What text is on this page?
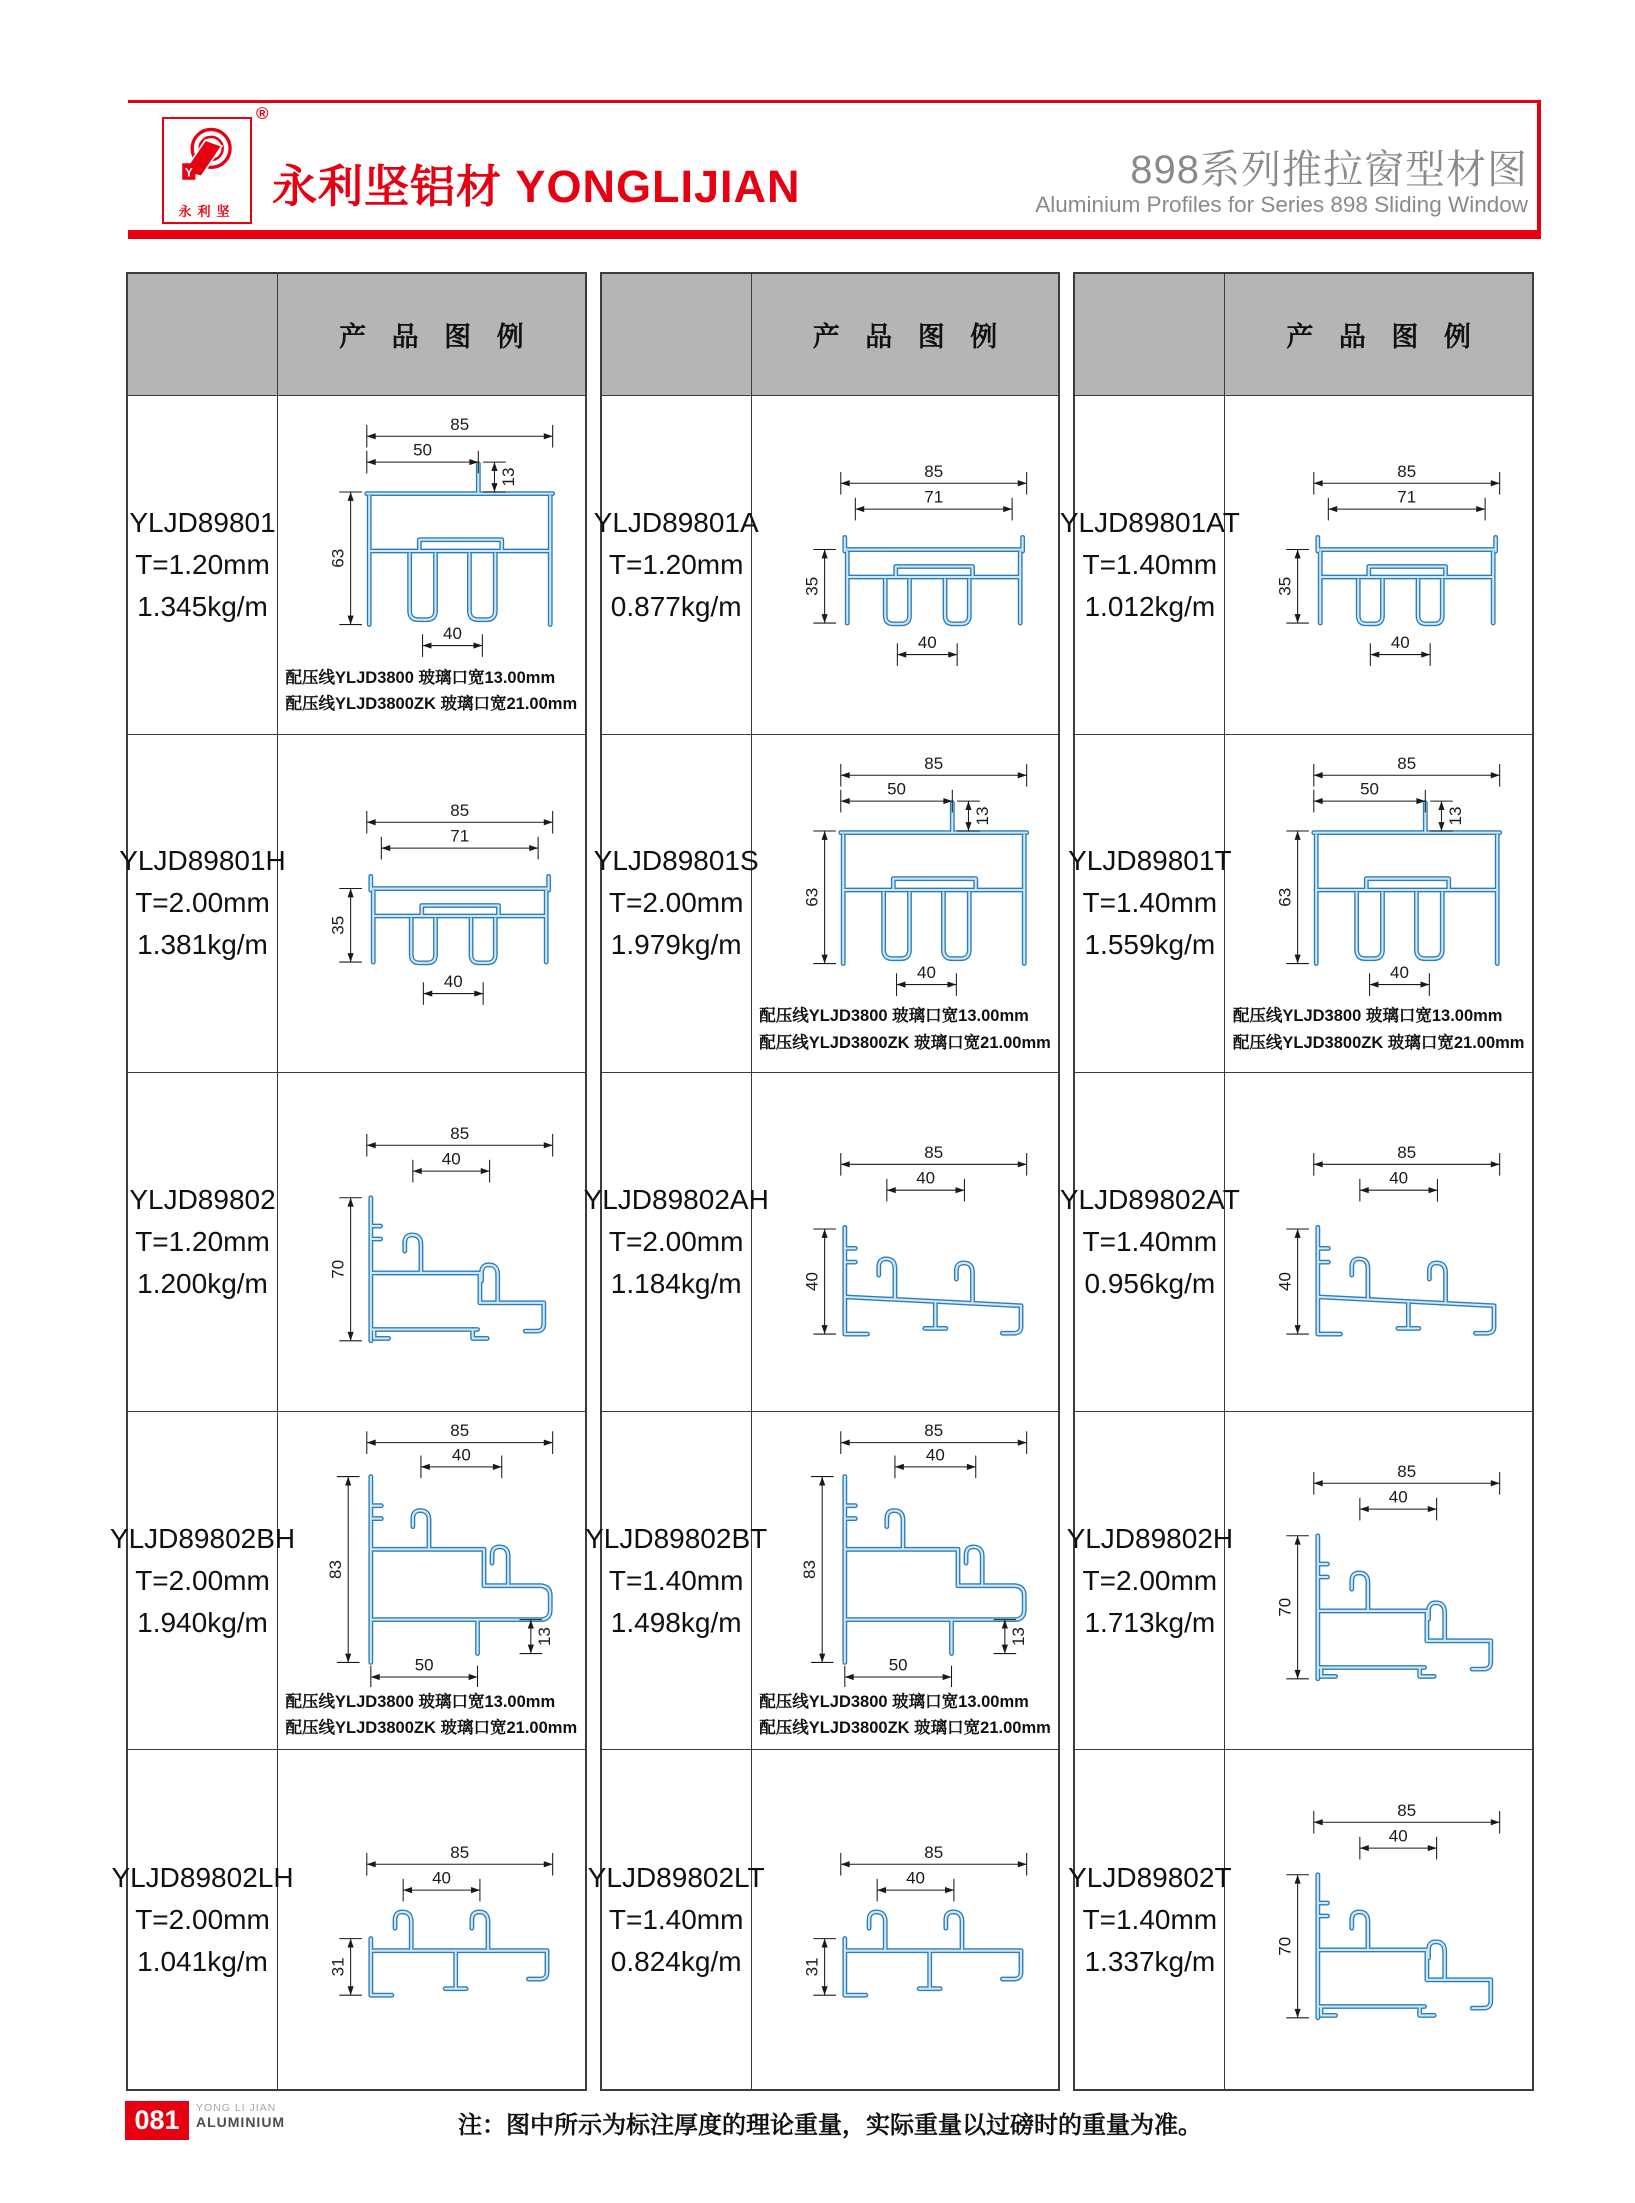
Y
永利坚
®
永利坚铝材 YONGLIJIAN	898系列推拉窗型材图
Aluminium Profiles for Series 898 Sliding Window
产 品 图 例
YLJD89801
T=1.20mm
1.345kg/m
85
50
13
63
40
配压线YLJD3800 玻璃口宽13.00mm
配压线YLJD3800ZK 玻璃口宽21.00mm
YLJD89801H
T=2.00mm
1.381kg/m
85
71
35
40
YLJD89802
T=1.20mm
1.200kg/m
85
40
70
YLJD89802BH
T=2.00mm
1.940kg/m
85
40
83
13
50
配压线YLJD3800 玻璃口宽13.00mm
配压线YLJD3800ZK 玻璃口宽21.00mm
YLJD89802LH
T=2.00mm
1.041kg/m
85
40
31
产 品 图 例
YLJD89801A
T=1.20mm
0.877kg/m
85
71
35
40
YLJD89801S
T=2.00mm
1.979kg/m
85
50
13
63
40
配压线YLJD3800 玻璃口宽13.00mm
配压线YLJD3800ZK 玻璃口宽21.00mm
YLJD89802AH
T=2.00mm
1.184kg/m
85
40
40
YLJD89802BT
T=1.40mm
1.498kg/m
85
40
83
13
50
配压线YLJD3800 玻璃口宽13.00mm
配压线YLJD3800ZK 玻璃口宽21.00mm
YLJD89802LT
T=1.40mm
0.824kg/m
85
40
31
产 品 图 例
YLJD89801AT
T=1.40mm
1.012kg/m
85
71
35
40
YLJD89801T
T=1.40mm
1.559kg/m
85
50
13
63
40
配压线YLJD3800 玻璃口宽13.00mm
配压线YLJD3800ZK 玻璃口宽21.00mm
YLJD89802AT
T=1.40mm
0.956kg/m
85
40
40
YLJD89802H
T=2.00mm
1.713kg/m
85
40
70
YLJD89802T
T=1.40mm
1.337kg/m
85
40
70
081	YONG LI JIAN
ALUMINIUM	注：图中所示为标注厚度的理论重量，实际重量以过磅时的重量为准。
